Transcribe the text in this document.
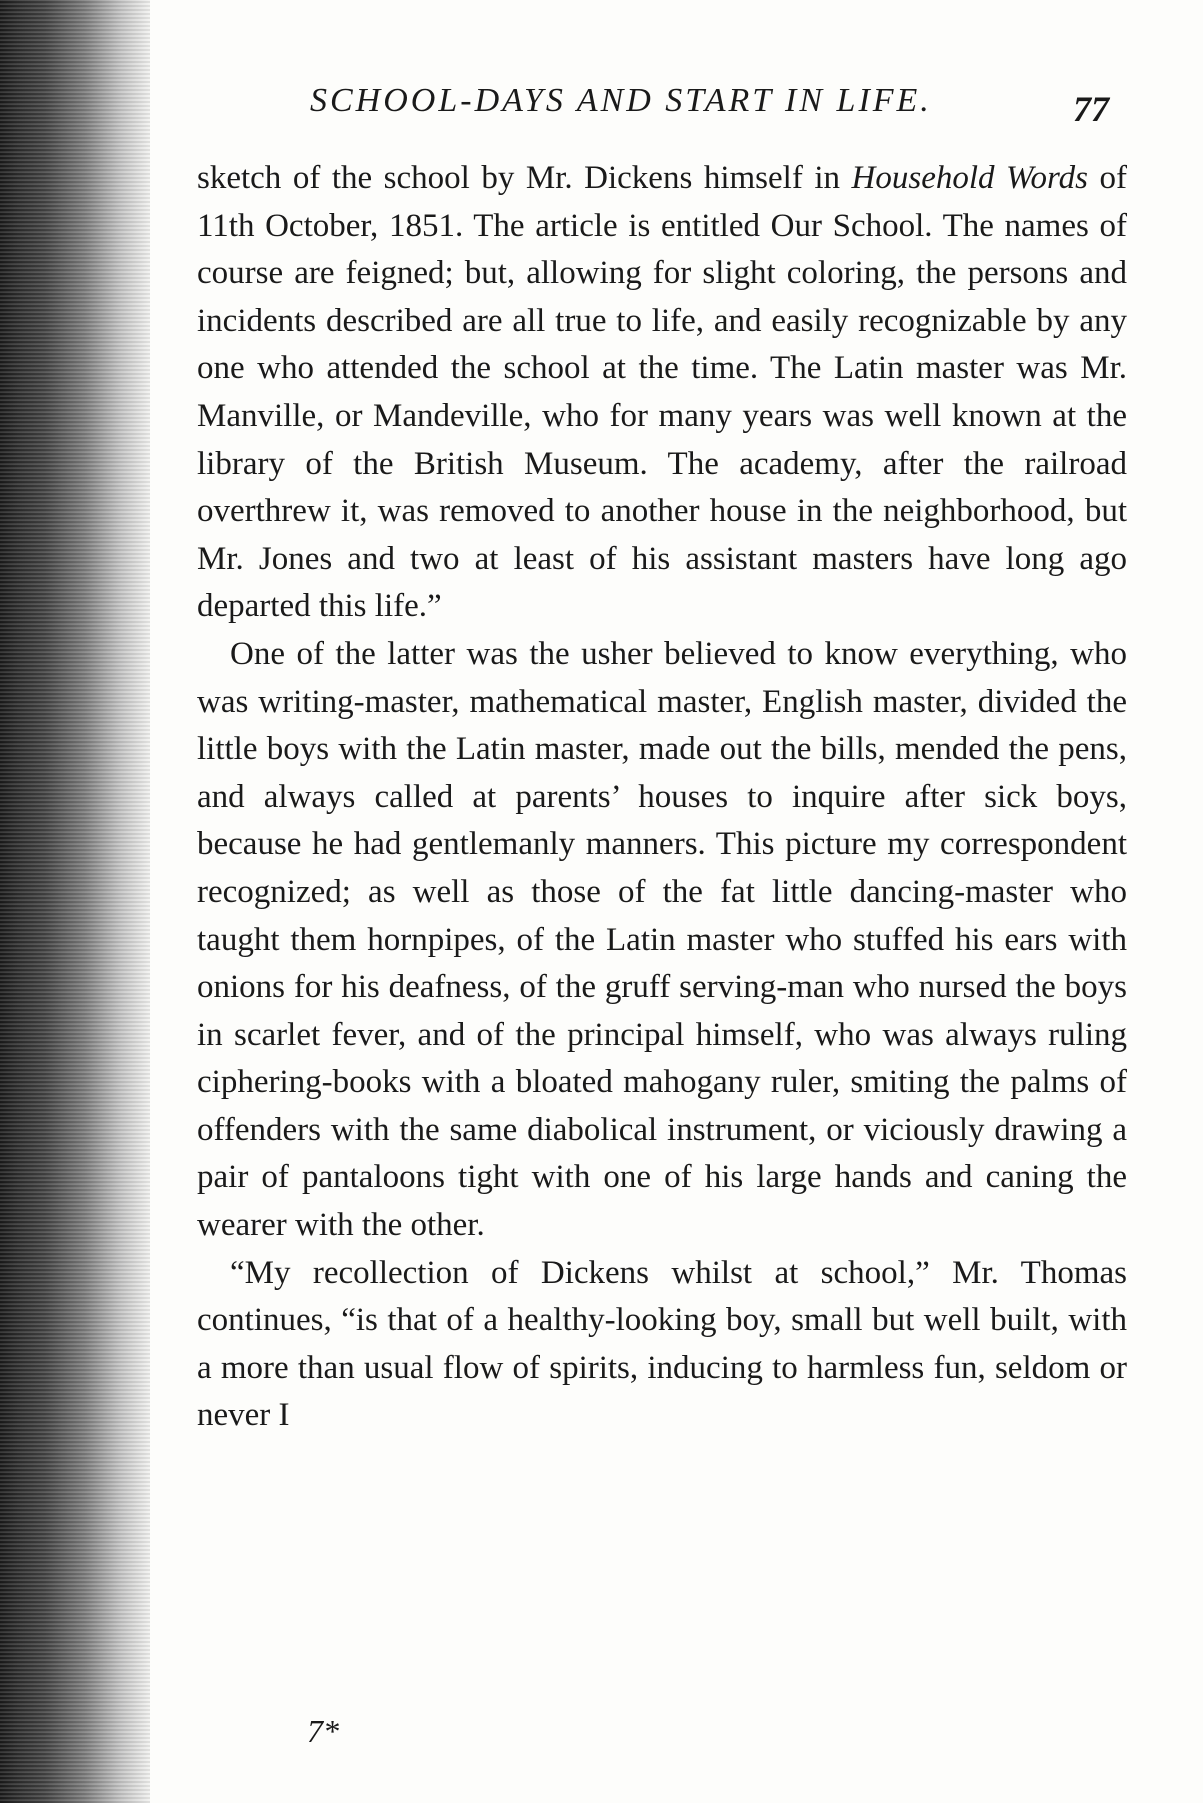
SCHOOL-DAYS AND START IN LIFE.	77

sketch of the school by Mr. Dickens himself in Household Words of 11th October, 1851. The article is entitled Our School. The names of course are feigned; but, allowing for slight coloring, the persons and incidents described are all true to life, and easily recognizable by any one who attended the school at the time. The Latin master was Mr. Manville, or Mandeville, who for many years was well known at the library of the British Museum. The academy, after the railroad overthrew it, was removed to another house in the neighborhood, but Mr. Jones and two at least of his assistant masters have long ago departed this life.”

One of the latter was the usher believed to know everything, who was writing-master, mathematical master, English master, divided the little boys with the Latin master, made out the bills, mended the pens, and always called at parents’ houses to inquire after sick boys, because he had gentlemanly manners. This picture my correspondent recognized; as well as those of the fat little dancing-master who taught them hornpipes, of the Latin master who stuffed his ears with onions for his deafness, of the gruff serving-man who nursed the boys in scarlet fever, and of the principal himself, who was always ruling ciphering-books with a bloated mahogany ruler, smiting the palms of offenders with the same diabolical instrument, or viciously drawing a pair of pantaloons tight with one of his large hands and caning the wearer with the other.

“My recollection of Dickens whilst at school,” Mr. Thomas continues, “is that of a healthy-looking boy, small but well built, with a more than usual flow of spirits, inducing to harmless fun, seldom or never I

7*
